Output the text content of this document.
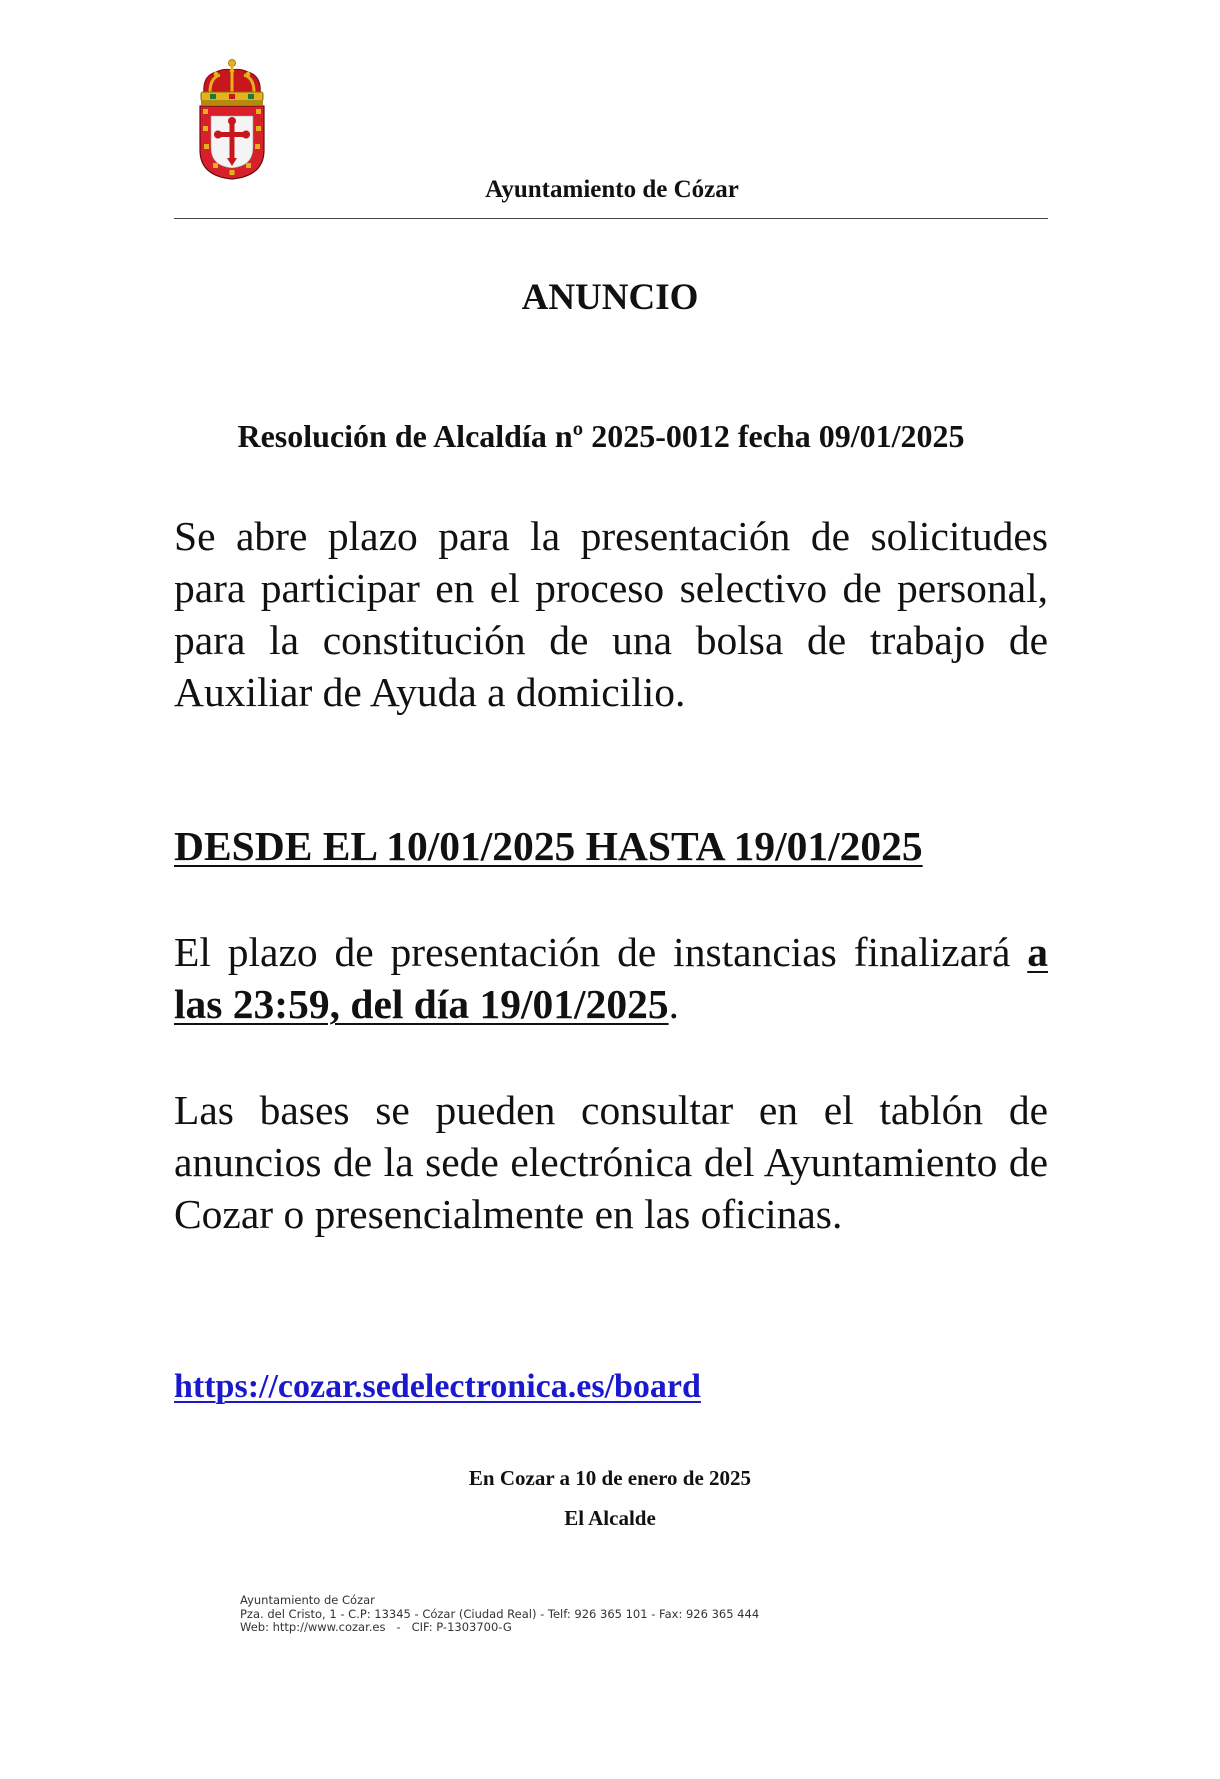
Ayuntamiento de Cózar
ANUNCIO
Resolución de Alcaldía nº 2025-0012 fecha 09/01/2025
Se abre plazo para la presentación de solicitudes para participar en el proceso selectivo de personal, para la constitución de una bolsa de trabajo de Auxiliar de Ayuda a domicilio.
DESDE EL 10/01/2025 HASTA 19/01/2025
El plazo de presentación de instancias finalizará a las 23:59, del día 19/01/2025.
Las bases se pueden consultar en el tablón de anuncios de la sede electrónica del Ayuntamiento de Cozar o presencialmente en las oficinas.
https://cozar.sedelectronica.es/board
En Cozar a 10 de enero de 2025
El Alcalde
Ayuntamiento de Cózar
Pza. del Cristo, 1 - C.P: 13345 - Cózar (Ciudad Real) - Telf: 926 365 101 - Fax: 926 365 444
Web: http://www.cozar.es   -   CIF: P-1303700-G
